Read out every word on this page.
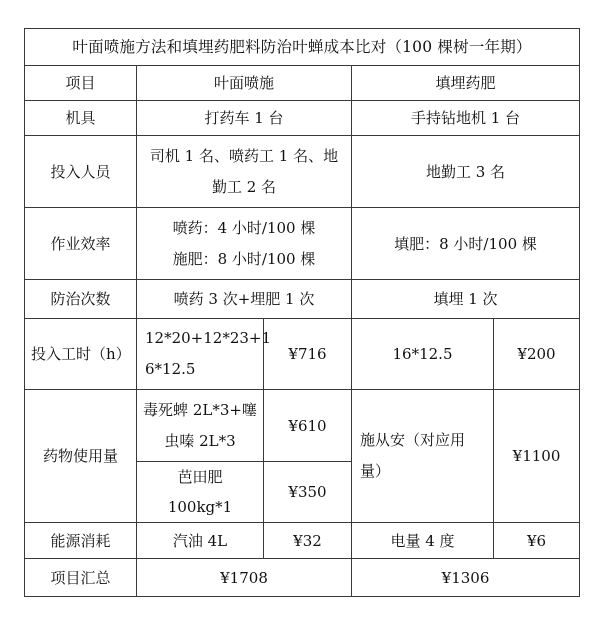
叶面喷施方法和填埋药肥料防治叶蝉成本比对（100 棵树一年期）				
项目	叶面喷施		填埋药肥	
机具	打药车 1 台		手持钻地机 1 台	
投入人员	司机 1 名、喷药工 1 名、地
勤工 2 名		地勤工 3 名	
作业效率	喷药：4 小时/100 棵
施肥：8 小时/100 棵		填肥：8 小时/100 棵	
防治次数	喷药 3 次+埋肥 1 次		填埋 1 次	
投入工时（h）	12*20+12*23+1
6*12.5	¥716	16*12.5	¥200
药物使用量	毒死蜱 2L*3+噻
虫嗪 2L*3	¥610	施从安（对应用
量）	¥1100
	芭田肥 100kg*1	¥350		
能源消耗	汽油 4L	¥32	电量 4 度	¥6
项目汇总	¥1708		¥1306	
